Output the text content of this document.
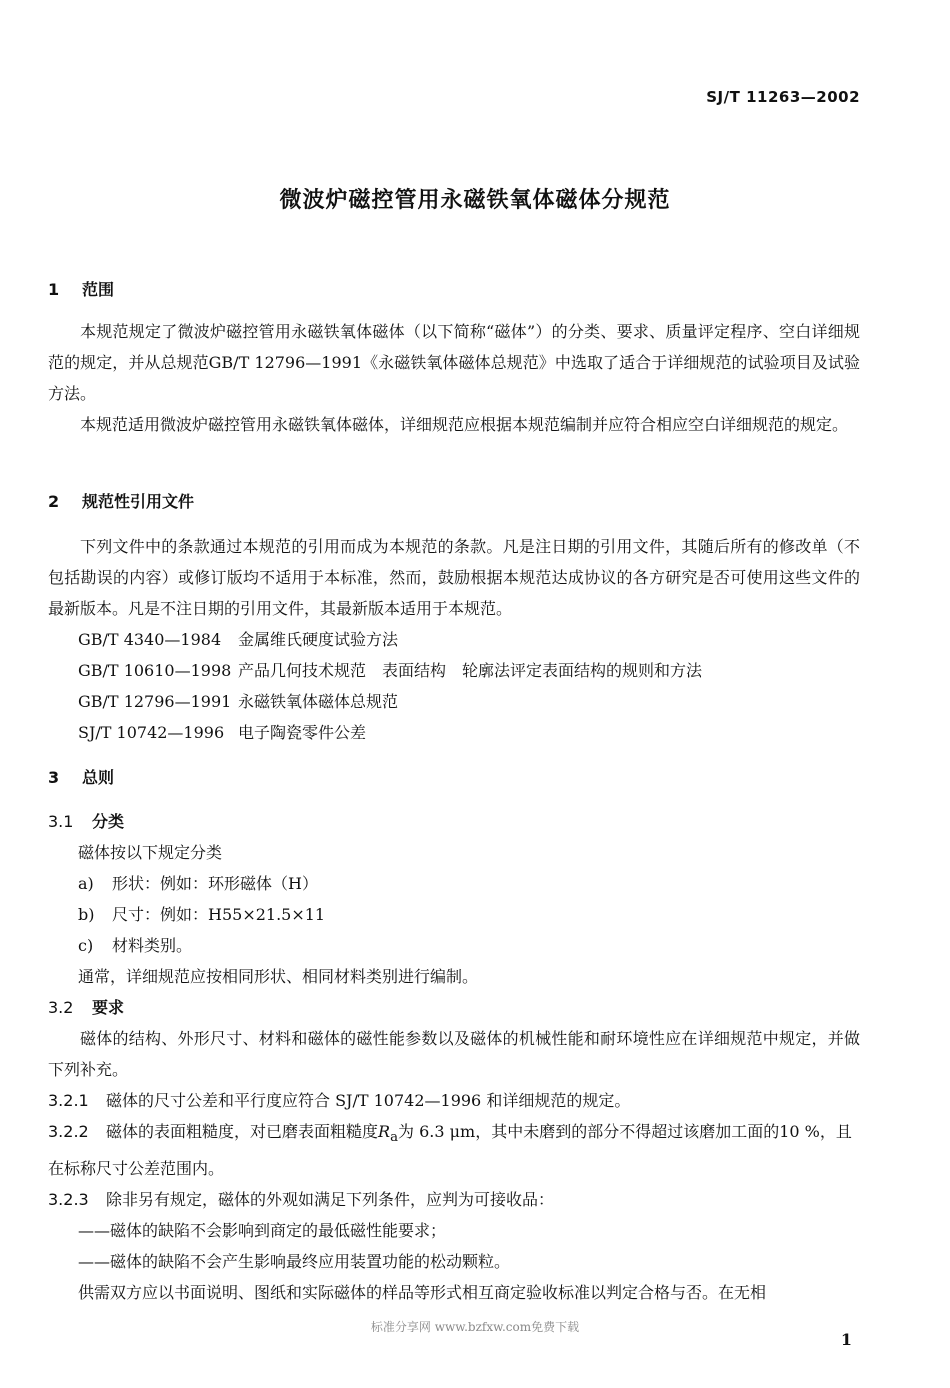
SJ/T 11263—2002
微波炉磁控管用永磁铁氧体磁体分规范
1 范围
本规范规定了微波炉磁控管用永磁铁氧体磁体（以下简称“磁体”）的分类、要求、质量评定程序、空白详细规范的规定，并从总规范GB/T 12796—1991《永磁铁氧体磁体总规范》中选取了适合于详细规范的试验项目及试验方法。
本规范适用微波炉磁控管用永磁铁氧体磁体，详细规范应根据本规范编制并应符合相应空白详细规范的规定。
2 规范性引用文件
下列文件中的条款通过本规范的引用而成为本规范的条款。凡是注日期的引用文件，其随后所有的修改单（不包括勘误的内容）或修订版均不适用于本标准，然而，鼓励根据本规范达成协议的各方研究是否可使用这些文件的最新版本。凡是不注日期的引用文件，其最新版本适用于本规范。
GB/T 4340—1984 金属维氏硬度试验方法
GB/T 10610—1998 产品几何技术规范　表面结构　轮廓法评定表面结构的规则和方法
GB/T 12796—1991 永磁铁氧体磁体总规范
SJ/T 10742—1996 电子陶瓷零件公差
3 总则
3.1 分类
磁体按以下规定分类
a) 形状：例如：环形磁体（H）
b) 尺寸：例如：H55×21.5×11
c) 材料类别。
通常，详细规范应按相同形状、相同材料类别进行编制。
3.2 要求
磁体的结构、外形尺寸、材料和磁体的磁性能参数以及磁体的机械性能和耐环境性应在详细规范中规定，并做下列补充。
3.2.1 磁体的尺寸公差和平行度应符合 SJ/T 10742—1996 和详细规范的规定。
3.2.2 磁体的表面粗糙度，对已磨表面粗糙度$R_a$为 6.3 μm，其中未磨到的部分不得超过该磨加工面的10 %，且在标称尺寸公差范围内。
3.2.3 除非另有规定，磁体的外观如满足下列条件，应判为可接收品：
——磁体的缺陷不会影响到商定的最低磁性能要求；
——磁体的缺陷不会产生影响最终应用装置功能的松动颗粒。
供需双方应以书面说明、图纸和实际磁体的样品等形式相互商定验收标准以判定合格与否。在无相
标准分享网 www.bzfxw.com免费下载
1
